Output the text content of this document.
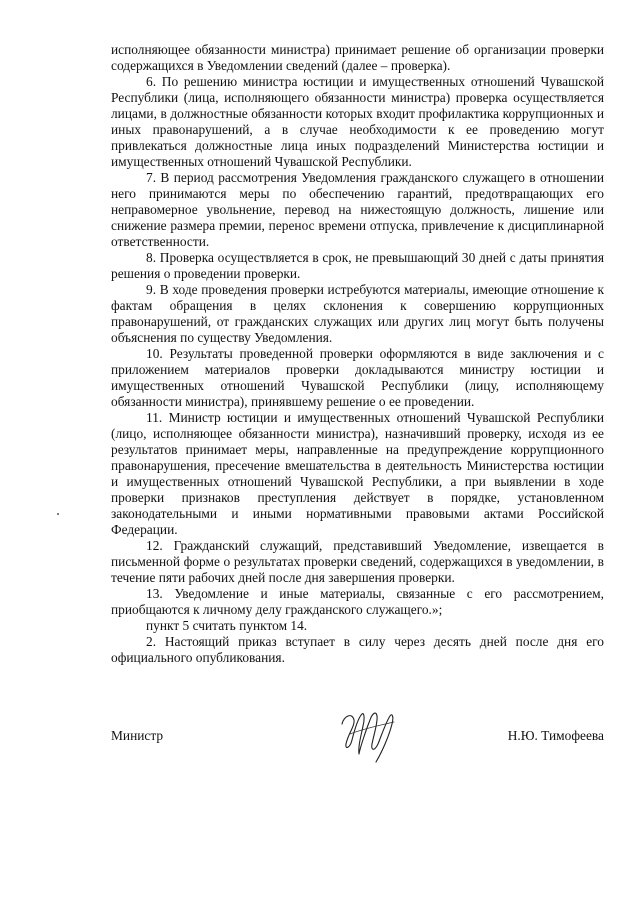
исполняющее обязанности министра) принимает решение об организации проверки содержащихся в Уведомлении сведений (далее – проверка).

6. По решению министра юстиции и имущественных отношений Чувашской Республики (лица, исполняющего обязанности министра) проверка осуществляется лицами, в должностные обязанности которых входит профилактика коррупционных и иных правонарушений, а в случае необходимости к ее проведению могут привлекаться должностные лица иных подразделений Министерства юстиции и имущественных отношений Чувашской Республики.

7. В период рассмотрения Уведомления гражданского служащего в отношении него принимаются меры по обеспечению гарантий, предотвращающих его неправомерное увольнение, перевод на нижестоящую должность, лишение или снижение размера премии, перенос времени отпуска, привлечение к дисциплинарной ответственности.

8. Проверка осуществляется в срок, не превышающий 30 дней с даты принятия решения о проведении проверки.

9. В ходе проведения проверки истребуются материалы, имеющие отношение к фактам обращения в целях склонения к совершению коррупционных правонарушений, от гражданских служащих или других лиц могут быть получены объяснения по существу Уведомления.

10. Результаты проведенной проверки оформляются в виде заключения и с приложением материалов проверки докладываются министру юстиции и имущественных отношений Чувашской Республики (лицу, исполняющему обязанности министра), принявшему решение о ее проведении.

11. Министр юстиции и имущественных отношений Чувашской Республики (лицо, исполняющее обязанности министра), назначивший проверку, исходя из ее результатов принимает меры, направленные на предупреждение коррупционного правонарушения, пресечение вмешательства в деятельность Министерства юстиции и имущественных отношений Чувашской Республики, а при выявлении в ходе проверки признаков преступления действует в порядке, установленном законодательными и иными нормативными правовыми актами Российской Федерации.

12. Гражданский служащий, представивший Уведомление, извещается в письменной форме о результатах проверки сведений, содержащихся в уведомлении, в течение пяти рабочих дней после дня завершения проверки.

13. Уведомление и иные материалы, связанные с его рассмотрением, приобщаются к личному делу гражданского служащего.»;

пункт 5 считать пунктом 14.

2. Настоящий приказ вступает в силу через десять дней после дня его официального опубликования.

Министр	Н.Ю. Тимофеева
